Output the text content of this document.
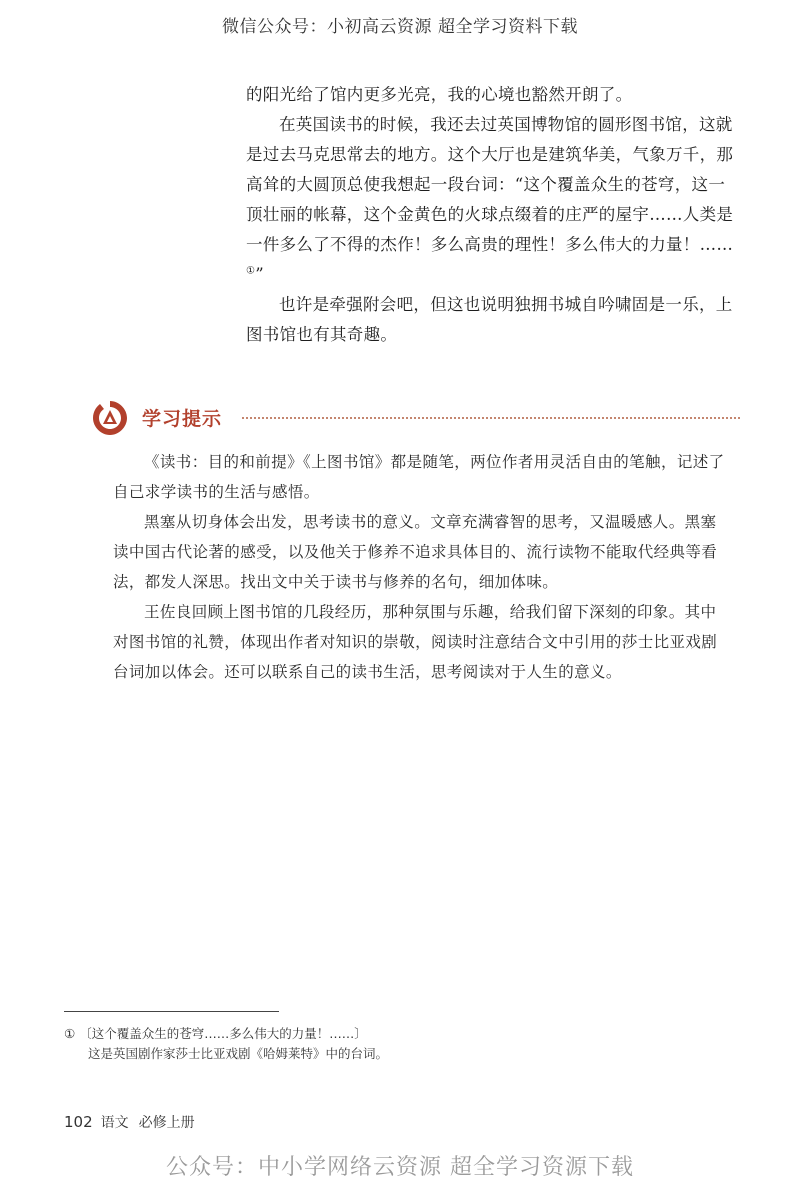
微信公众号：小初高云资源 超全学习资料下载

的阳光给了馆内更多光亮，我的心境也豁然开朗了。

在英国读书的时候，我还去过英国博物馆的圆形图书馆，这就是过去马克思常去的地方。这个大厅也是建筑华美，气象万千，那高耸的大圆顶总使我想起一段台词：“这个覆盖众生的苍穹，这一顶壮丽的帐幕，这个金黄色的火球点缀着的庄严的屋宇……人类是一件多么了不得的杰作！多么高贵的理性！多么伟大的力量！……①”

也许是牵强附会吧，但这也说明独拥书城自吟啸固是一乐，上图书馆也有其奇趣。

学习提示

《读书：目的和前提》《上图书馆》都是随笔，两位作者用灵活自由的笔触，记述了自己求学读书的生活与感悟。

黑塞从切身体会出发，思考读书的意义。文章充满睿智的思考，又温暖感人。黑塞读中国古代论著的感受，以及他关于修养不追求具体目的、流行读物不能取代经典等看法，都发人深思。找出文中关于读书与修养的名句，细加体味。

王佐良回顾上图书馆的几段经历，那种氛围与乐趣，给我们留下深刻的印象。其中对图书馆的礼赞，体现出作者对知识的崇敬，阅读时注意结合文中引用的莎士比亚戏剧台词加以体会。还可以联系自己的读书生活，思考阅读对于人生的意义。

① 〔这个覆盖众生的苍穹……多么伟大的力量！……〕
这是英国剧作家莎士比亚戏剧《哈姆莱特》中的台词。
102 语文 必修上册
公众号：中小学网络云资源 超全学习资源下载
